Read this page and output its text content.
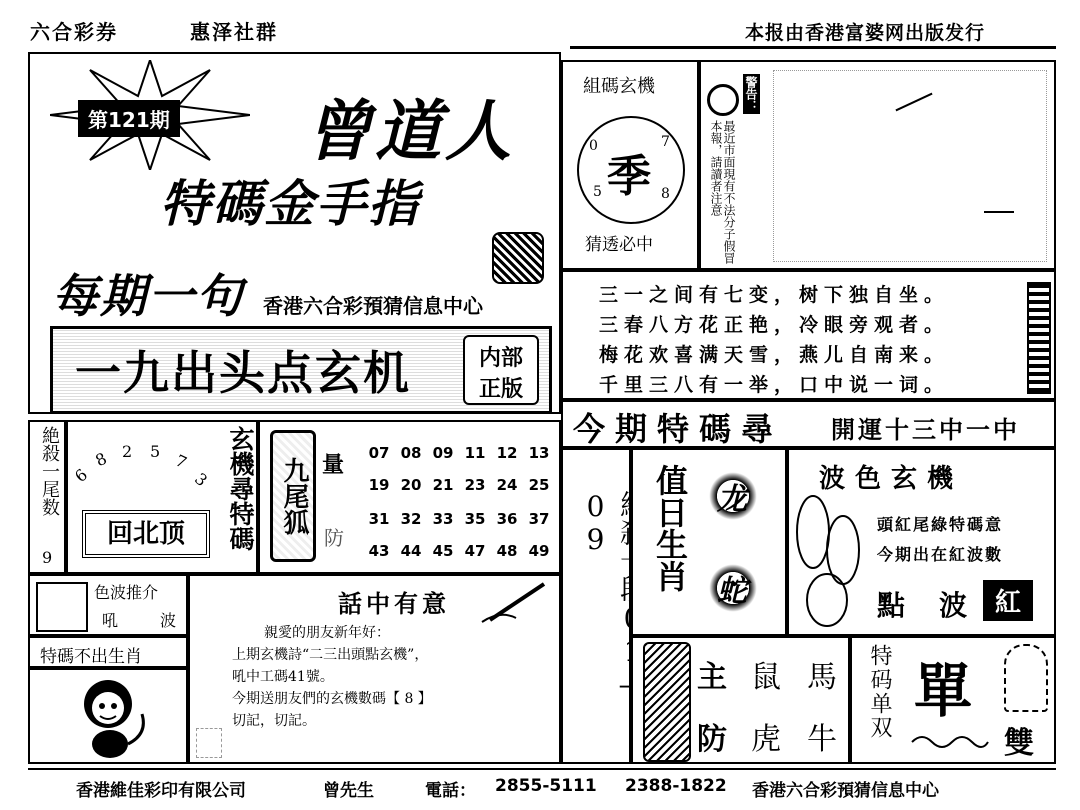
六合彩券	惠泽社群	本报由香港富婆网出版发行
第121期 曾道人
特碼金手指
每期一句 香港六合彩預猜信息中心
一九出头点玄机	内部
正版
組碼玄機
季
0	7
5	8
猜透必中	最近市面現有不法分子假冒本報，請讀者注意
警告：
三一之间有七变，树下独自坐。
三春八方花正艳，冷眼旁观者。
梅花欢喜满天雪，燕儿自南来。
千里三八有一举，口中说一词。
今期特碼尋 開運十三中一中
絶殺一尾数
9
6
8 2 5 7
3
回北顶	玄機尋特碼 九尾狐 量
防
07 08 09 11 12 13
19 20 21 23 24 25
31 32 33 35 36 37
43 44 45 47 48 49
色波推介
吼	波
特碼不出生肖
話中有意
親愛的朋友新年好：
上期玄機詩“二三出頭點玄機”，
吼中工碼41號。
今期送朋友們的玄機數碼【 8 】
切記，切記。
09	值日生肖 龙
蛇
波色玄機
頭紅尾綠特碼意
今期出在紅波數
點 波	紅
主 鼠 馬
防 虎 牛 特码单双 單
雙
香港維佳彩印有限公司	曾先生	電話： 2855-5111 2388-1822 香港六合彩預猜信息中心
